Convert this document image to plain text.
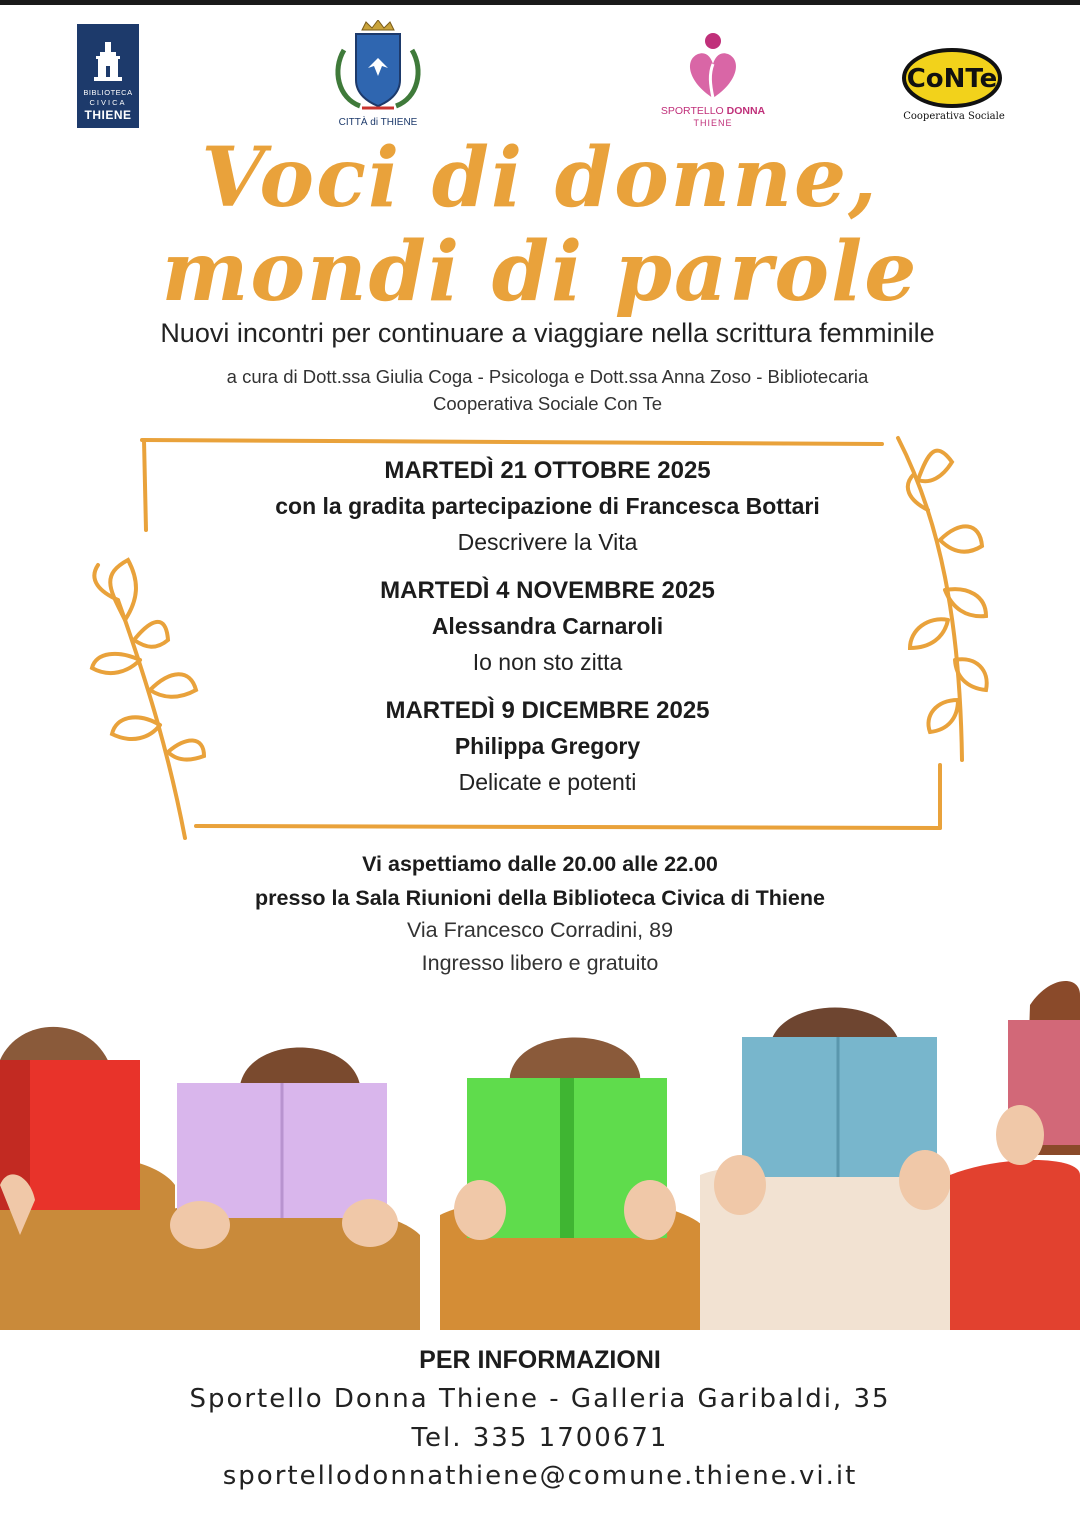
BIBLIOTECA
CIVICA
THIENE
CITTÀ di THIENE
SPORTELLO DONNA
THIENE
CoNTe
Cooperativa Sociale
Voci di donne,
mondi di parole
Nuovi incontri per continuare a viaggiare nella scrittura femminile
a cura di Dott.ssa Giulia Coga - Psicologa e Dott.ssa Anna Zoso - Bibliotecaria
Cooperativa Sociale Con Te
MARTEDÌ 21 OTTOBRE 2025
con la gradita partecipazione di Francesca Bottari
Descrivere la Vita
MARTEDÌ 4 NOVEMBRE 2025
Alessandra Carnaroli
Io non sto zitta
MARTEDÌ 9 DICEMBRE 2025
Philippa Gregory
Delicate e potenti
Vi aspettiamo dalle 20.00 alle 22.00
presso la Sala Riunioni della Biblioteca Civica di Thiene
Via Francesco Corradini, 89
Ingresso libero e gratuito
PER INFORMAZIONI
Sportello Donna Thiene - Galleria Garibaldi, 35
Tel. 335 1700671
sportellodonnathiene@comune.thiene.vi.it
